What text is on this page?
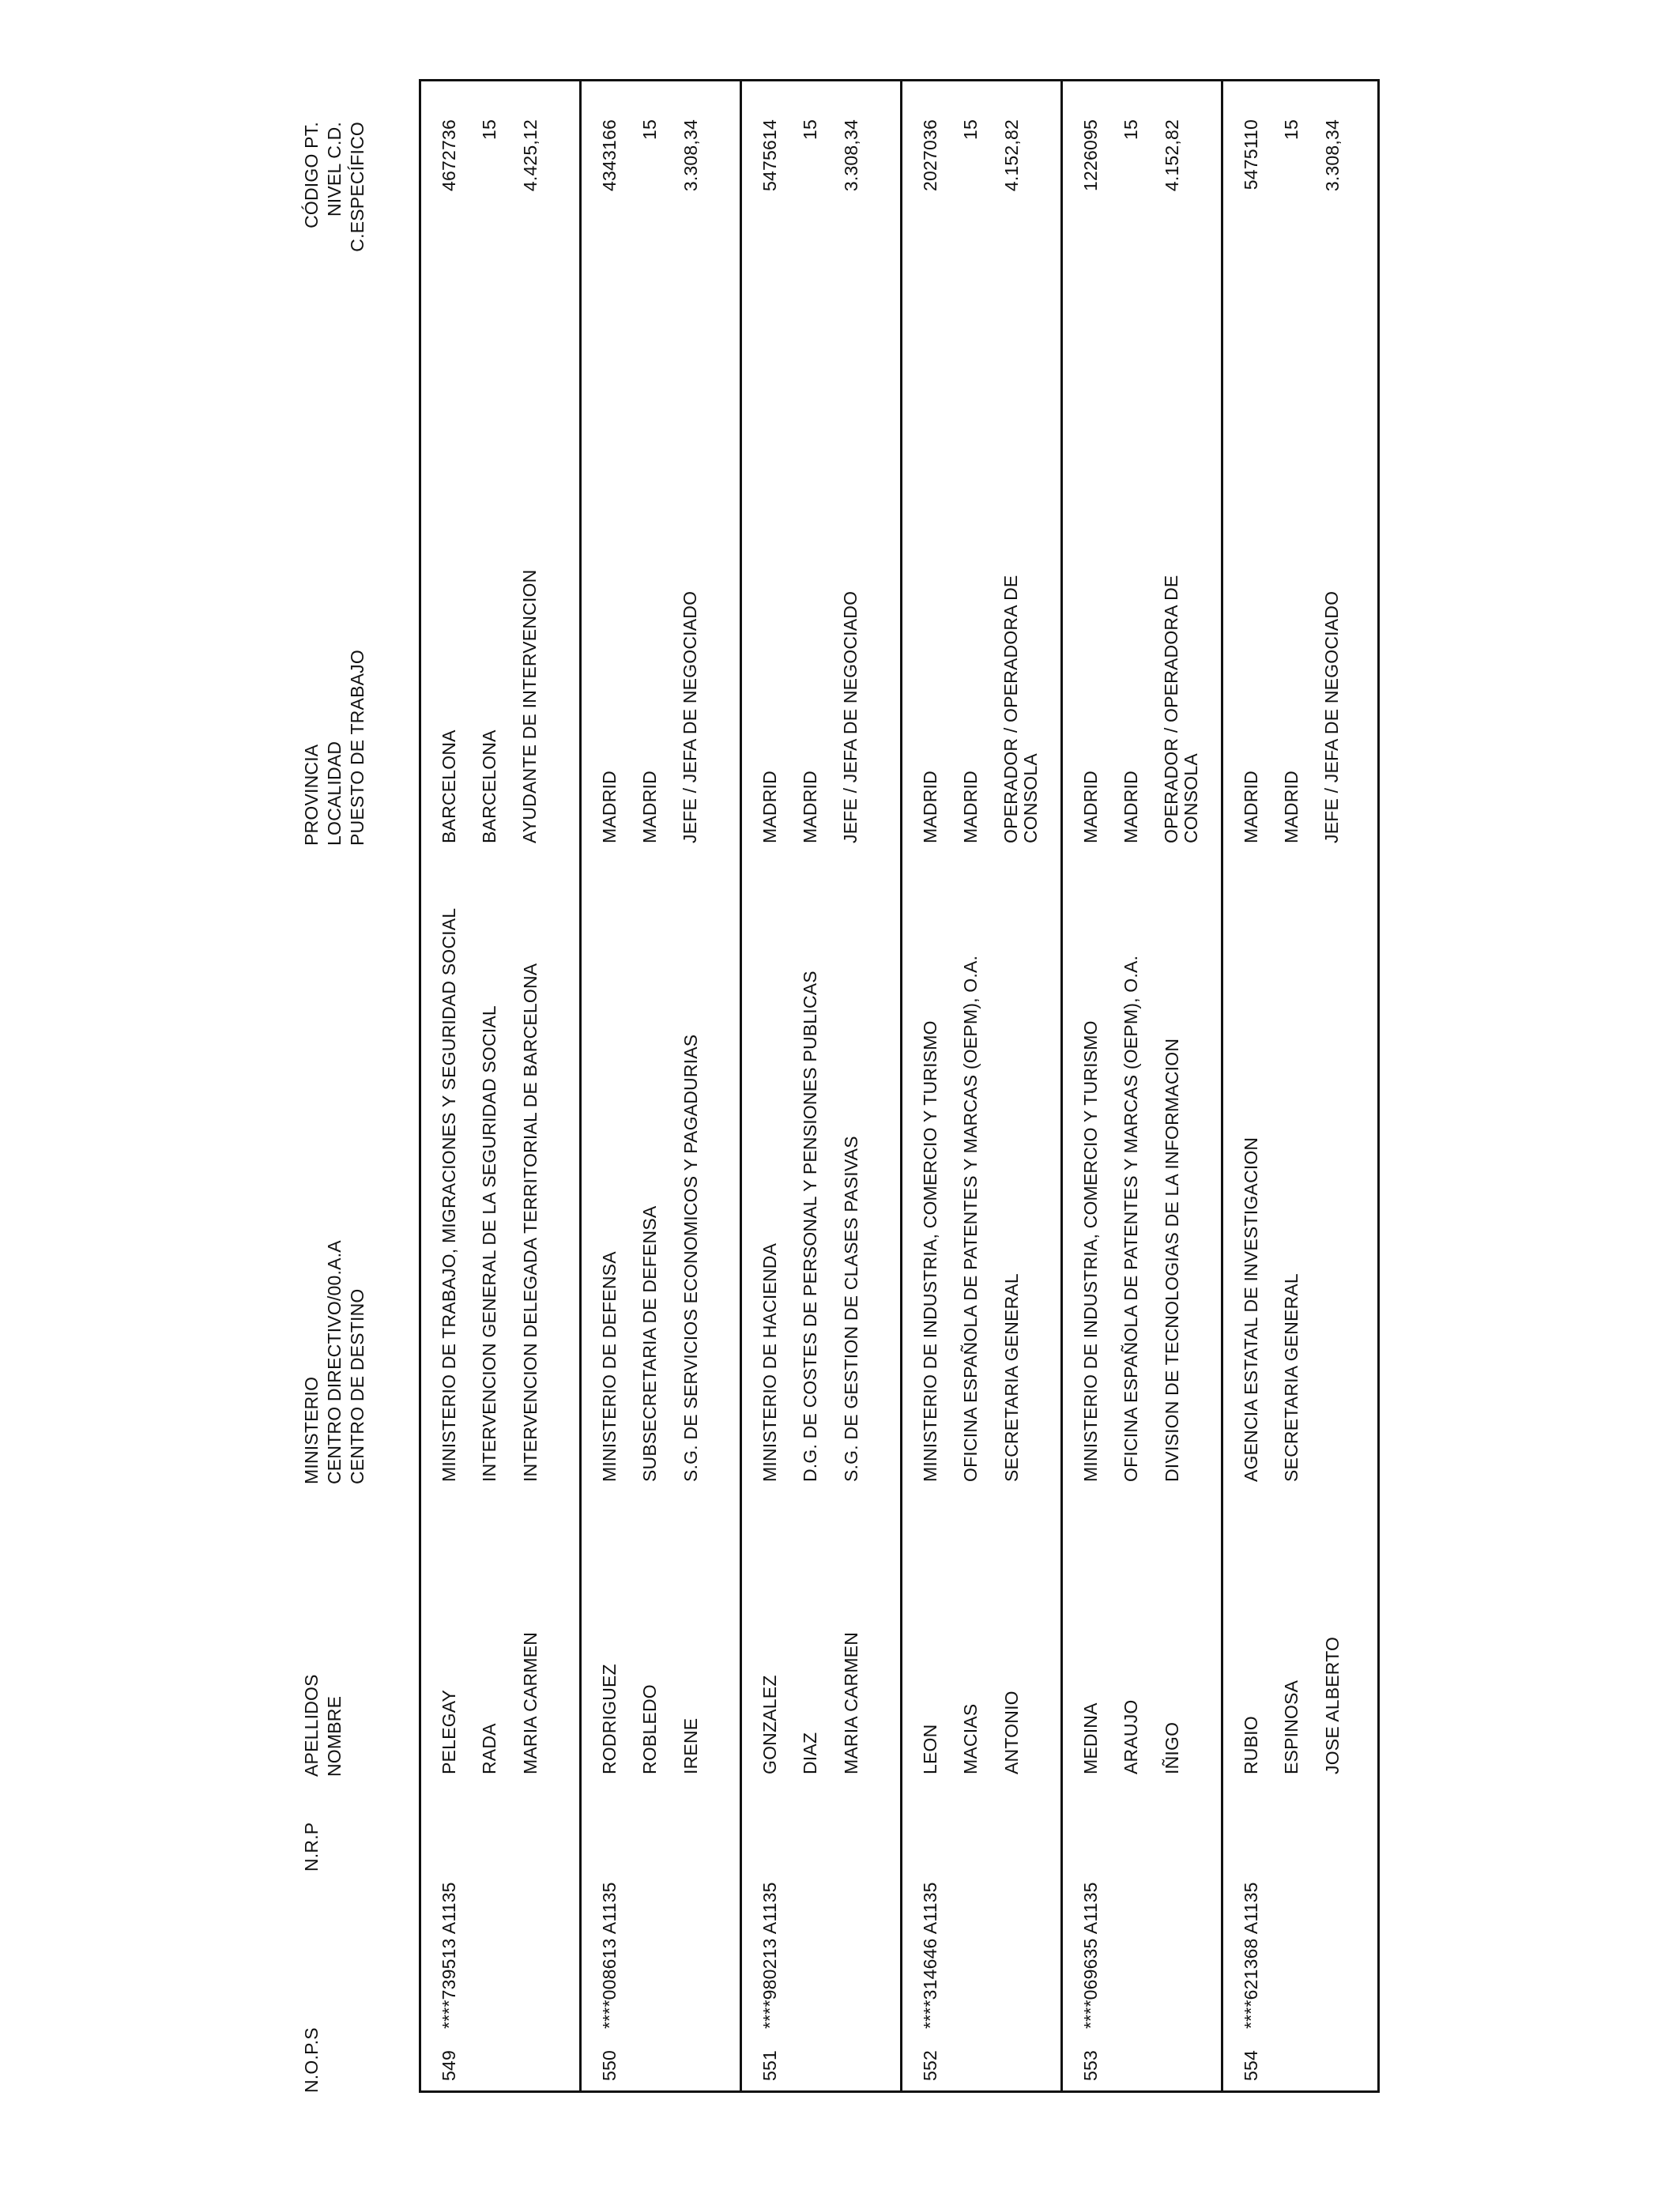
N.O.P.S
N.R.P
APELLIDOS NOMBRE
MINISTERIO CENTRO DIRECTIVO/00.A.A CENTRO DE DESTINO
PROVINCIA LOCALIDAD PUESTO DE TRABAJO
CÓDIGO PT. NIVEL C.D. C.ESPECÍFICO
549
****739513 A1135
PELEGAY RADA MARIA CARMEN
MINISTERIO DE TRABAJO, MIGRACIONES Y SEGURIDAD SOCIAL INTERVENCION GENERAL DE LA SEGURIDAD SOCIAL INTERVENCION DELEGADA TERRITORIAL DE BARCELONA
BARCELONA BARCELONA AYUDANTE DE INTERVENCION
4672736 15 4.425,12
550
****008613 A1135
RODRIGUEZ ROBLEDO IRENE
MINISTERIO DE DEFENSA SUBSECRETARIA DE DEFENSA S.G. DE SERVICIOS ECONOMICOS Y PAGADURIAS
MADRID MADRID JEFE / JEFA DE NEGOCIADO
4343166 15 3.308,34
551
****980213 A1135
GONZALEZ DIAZ MARIA CARMEN
MINISTERIO DE HACIENDA D.G. DE COSTES DE PERSONAL Y PENSIONES PUBLICAS S.G. DE GESTION DE CLASES PASIVAS
MADRID MADRID JEFE / JEFA DE NEGOCIADO
5475614 15 3.308,34
552
****314646 A1135
LEON MACIAS ANTONIO
MINISTERIO DE INDUSTRIA, COMERCIO Y TURISMO OFICINA ESPAÑOLA DE PATENTES Y MARCAS (OEPM), O.A. SECRETARIA GENERAL
MADRID MADRID OPERADOR / OPERADORA DE CONSOLA
2027036 15 4.152,82
553
****069635 A1135
MEDINA ARAUJO IÑIGO
MINISTERIO DE INDUSTRIA, COMERCIO Y TURISMO OFICINA ESPAÑOLA DE PATENTES Y MARCAS (OEPM), O.A. DIVISION DE TECNOLOGIAS DE LA INFORMACION
MADRID MADRID OPERADOR / OPERADORA DE CONSOLA
1226095 15 4.152,82
554
****621368 A1135
RUBIO ESPINOSA JOSE ALBERTO
AGENCIA ESTATAL DE INVESTIGACION SECRETARIA GENERAL
MADRID MADRID JEFE / JEFA DE NEGOCIADO
5475110 15 3.308,34
